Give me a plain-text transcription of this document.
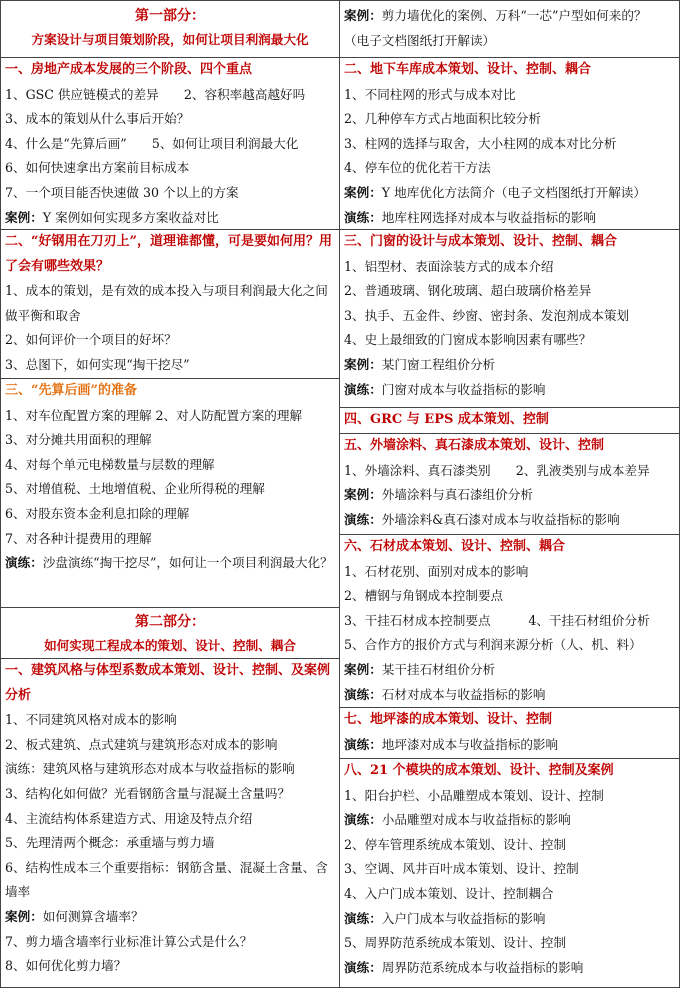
第一部分：
方案设计与项目策划阶段，如何让项目利润最大化
一、房地产成本发展的三个阶段、四个重点
1、GSC 供应链模式的差异　　2、容积率越高越好吗
3、成本的策划从什么事后开始？
4、什么是“先算后画”　　5、如何让项目利润最大化
6、如何快速拿出方案前目标成本
7、一个项目能否快速做 30 个以上的方案
案例：Y 案例如何实现多方案收益对比
二、“好钢用在刀刃上”，道理谁都懂，可是要如何用？用了会有哪些效果？
1、成本的策划，是有效的成本投入与项目利润最大化之间做平衡和取舍
2、如何评价一个项目的好坏？
3、总图下，如何实现“掏干挖尽”
三、“先算后画”的准备
1、对车位配置方案的理解 2、对人防配置方案的理解
3、对分摊共用面积的理解
4、对每个单元电梯数量与层数的理解
5、对增值税、土地增值税、企业所得税的理解
6、对股东资本金利息扣除的理解
7、对各种计提费用的理解
演练：沙盘演练“掏干挖尽”，如何让一个项目利润最大化？
第二部分：
如何实现工程成本的策划、设计、控制、耦合
一、建筑风格与体型系数成本策划、设计、控制、及案例分析
1、不同建筑风格对成本的影响
2、板式建筑、点式建筑与建筑形态对成本的影响
演练：建筑风格与建筑形态对成本与收益指标的影响
3、结构化如何做？光看钢筋含量与混凝土含量吗？
4、主流结构体系建造方式、用途及特点介绍
5、先理清两个概念：承重墙与剪力墙
6、结构性成本三个重要指标：钢筋含量、混凝土含量、含墙率
案例：如何测算含墙率？
7、剪力墙含墙率行业标准计算公式是什么？
8、如何优化剪力墙？
案例：剪力墙优化的案例、万科“一芯”户型如何来的？
（电子文档图纸打开解读）
二、地下车库成本策划、设计、控制、耦合
1、不同柱网的形式与成本对比
2、几种停车方式占地面积比较分析
3、柱网的选择与取舍，大小柱网的成本对比分析
4、停车位的优化若干方法
案例：Y 地库优化方法简介（电子文档图纸打开解读）
演练：地库柱网选择对成本与收益指标的影响
三、门窗的设计与成本策划、设计、控制、耦合
1、铝型材、表面涂装方式的成本介绍
2、普通玻璃、钢化玻璃、超白玻璃价格差异
3、执手、五金件、纱窗、密封条、发泡剂成本策划
4、史上最细致的门窗成本影响因素有哪些？
案例：某门窗工程组价分析
演练：门窗对成本与收益指标的影响
四、GRC 与 EPS 成本策划、控制
五、外墙涂料、真石漆成本策划、设计、控制
1、外墙涂料、真石漆类别　　2、乳液类别与成本差异
案例：外墙涂料与真石漆组价分析
演练：外墙涂料&真石漆对成本与收益指标的影响
六、石材成本策划、设计、控制、耦合
1、石材花别、面别对成本的影响
2、槽钢与角钢成本控制要点
3、干挂石材成本控制要点　　　4、干挂石材组价分析
5、合作方的报价方式与利润来源分析（人、机、料）
案例：某干挂石材组价分析
演练：石材对成本与收益指标的影响
七、地坪漆的成本策划、设计、控制
演练：地坪漆对成本与收益指标的影响
八、21 个模块的成本策划、设计、控制及案例
1、阳台护栏、小品雕塑成本策划、设计、控制
演练：小品雕塑对成本与收益指标的影响
2、停车管理系统成本策划、设计、控制
3、空调、风井百叶成本策划、设计、控制
4、入户门成本策划、设计、控制耦合
演练：入户门成本与收益指标的影响
5、周界防范系统成本策划、设计、控制
演练：周界防范系统成本与收益指标的影响
